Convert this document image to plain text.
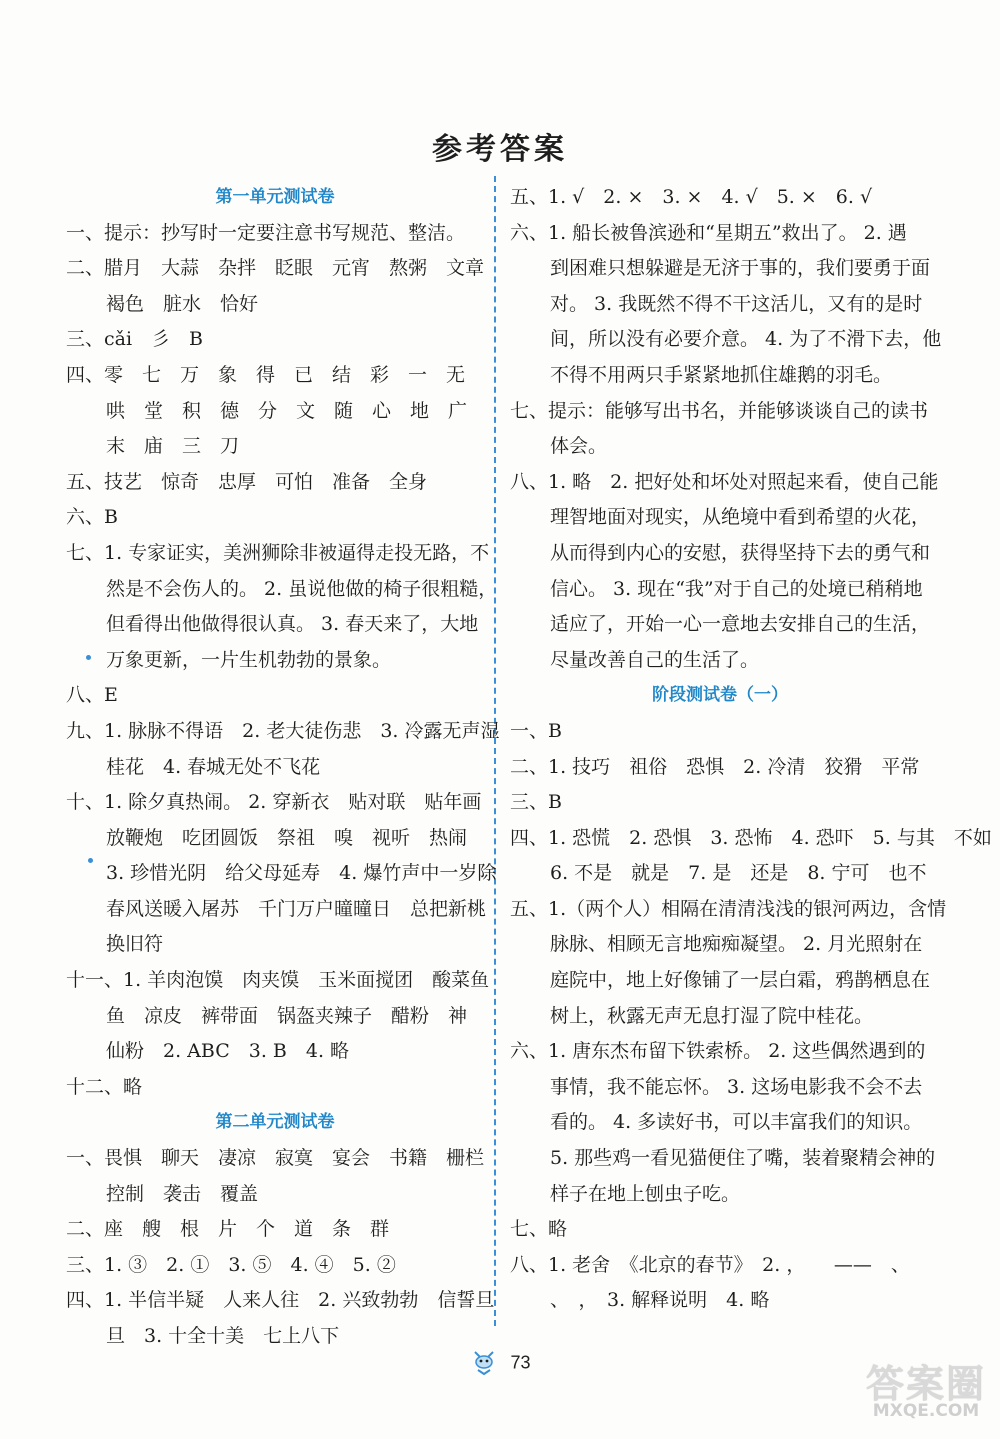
参考答案
第一单元测试卷
一、提示：抄写时一定要注意书写规范、整洁。
二、腊月　大蒜　杂拌　眨眼　元宵　熬粥　文章
褐色　脏水　恰好
三、cǎi　彡　B
四、零　七　万　象　得　已　结　彩　一　无
哄　堂　积　德　分　文　随　心　地　广
末　庙　三　刀
五、技艺　惊奇　忠厚　可怕　准备　全身
六、B
七、1. 专家证实，美洲狮除非被逼得走投无路，不
然是不会伤人的。 2. 虽说他做的椅子很粗糙，
但看得出他做得很认真。 3. 春天来了，大地
万象更新，一片生机勃勃的景象。
八、E
九、1. 脉脉不得语　2. 老大徒伤悲　3. 冷露无声湿
桂花　4. 春城无处不飞花
十、1. 除夕真热闹。 2. 穿新衣　贴对联　贴年画
放鞭炮　吃团圆饭　祭祖　嗅　视听　热闹
3. 珍惜光阴　给父母延寿　4. 爆竹声中一岁除
春风送暖入屠苏　千门万户曈曈日　总把新桃
换旧符
十一、1. 羊肉泡馍　肉夹馍　玉米面搅团　酸菜鱼
鱼　凉皮　裤带面　锅盔夹辣子　醋粉　神
仙粉　2. ABC　3. B　4. 略
十二、略
第二单元测试卷
一、畏惧　聊天　凄凉　寂寞　宴会　书籍　栅栏
控制　袭击　覆盖
二、座　艘　根　片　个　道　条　群
三、1. ③　2. ①　3. ⑤　4. ④　5. ②
四、1. 半信半疑　人来人往　2. 兴致勃勃　信誓旦
旦　3. 十全十美　七上八下
五、1. √　2. ×　3. ×　4. √　5. ×　6. √
六、1. 船长被鲁滨逊和“星期五”救出了。 2. 遇
到困难只想躲避是无济于事的，我们要勇于面
对。 3. 我既然不得不干这活儿，又有的是时
间，所以没有必要介意。 4. 为了不滑下去，他
不得不用两只手紧紧地抓住雄鹅的羽毛。
七、提示：能够写出书名，并能够谈谈自己的读书
体会。
八、1. 略　2. 把好处和坏处对照起来看，使自己能
理智地面对现实，从绝境中看到希望的火花，
从而得到内心的安慰，获得坚持下去的勇气和
信心。 3. 现在“我”对于自己的处境已稍稍地
适应了，开始一心一意地去安排自己的生活，
尽量改善自己的生活了。
阶段测试卷（一）
一、B
二、1. 技巧　祖俗　恐惧　2. 冷清　狡猾　平常
三、B
四、1. 恐慌　2. 恐惧　3. 恐怖　4. 恐吓　5. 与其　不如
6. 不是　就是　7. 是　还是　8. 宁可　也不
五、1.（两个人）相隔在清清浅浅的银河两边，含情
脉脉、相顾无言地痴痴凝望。 2. 月光照射在
庭院中，地上好像铺了一层白霜，鸦鹊栖息在
树上，秋露无声无息打湿了院中桂花。
六、1. 唐东杰布留下铁索桥。 2. 这些偶然遇到的
事情，我不能忘怀。 3. 这场电影我不会不去
看的。 4. 多读好书，可以丰富我们的知识。
5. 那些鸡一看见猫便住了嘴，装着聚精会神的
样子在地上刨虫子吃。
七、略
八、1. 老舍　《北京的春节》　2. ，　　——　、
、　，　3. 解释说明　4. 略
73	答案圈
MXQE.COM
